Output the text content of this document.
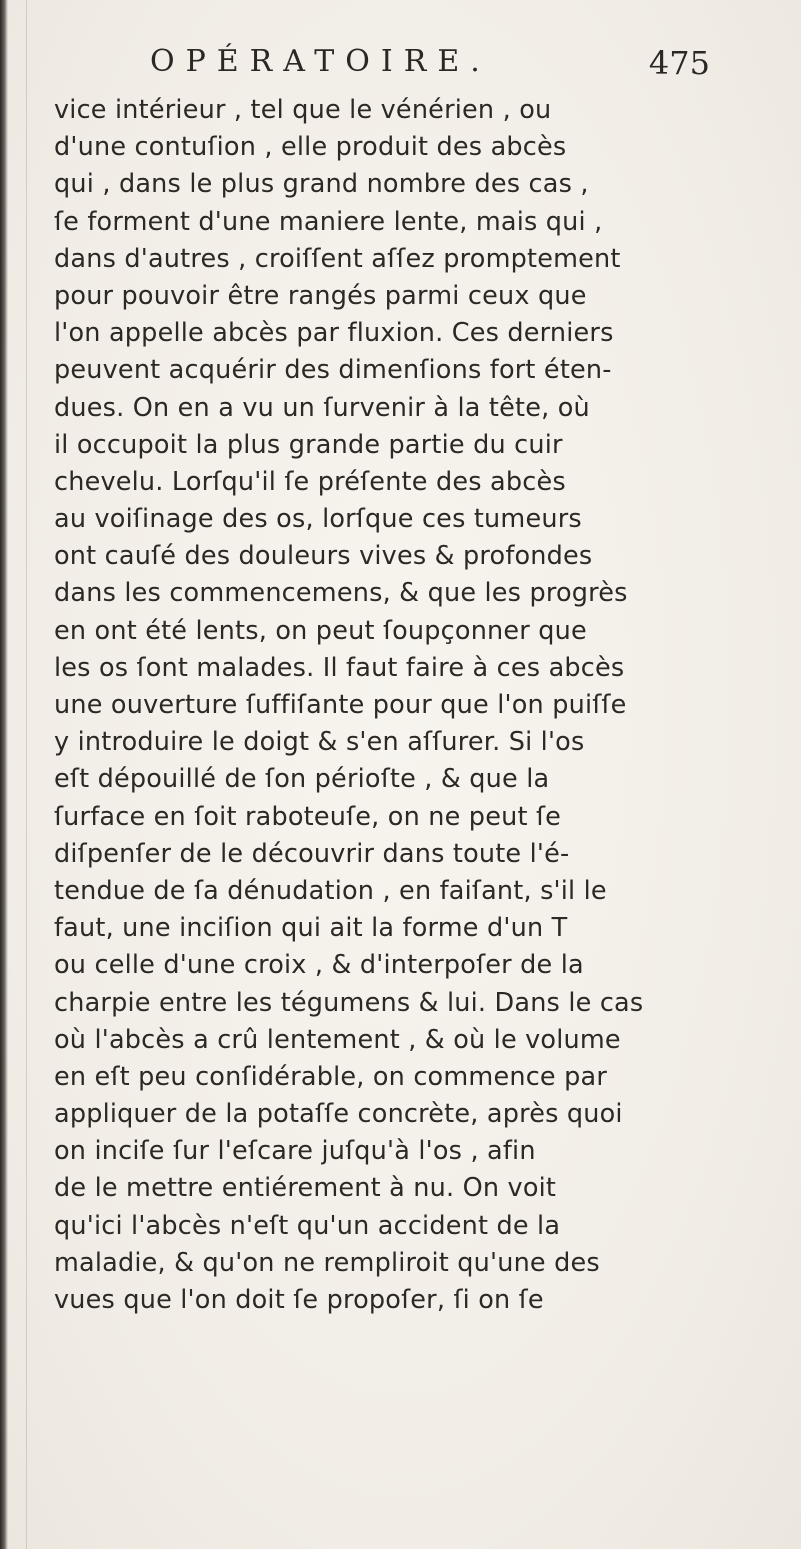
OPÉRATOIRE.	475
vice intérieur , tel que le vénérien , ou
d'une contuſion , elle produit des abcès
qui , dans le plus grand nombre des cas ,
ſe forment d'une maniere lente, mais qui ,
dans d'autres , croiſſent aſſez promptement
pour pouvoir être rangés parmi ceux que
l'on appelle abcès par fluxion. Ces derniers
peuvent acquérir des dimenſions fort éten-
dues. On en a vu un ſurvenir à la tête, où
il occupoit la plus grande partie du cuir
chevelu. Lorſqu'il ſe préſente des abcès
au voiſinage des os, lorſque ces tumeurs
ont cauſé des douleurs vives & profondes
dans les commencemens, & que les progrès
en ont été lents, on peut ſoupçonner que
les os ſont malades. Il faut faire à ces abcès
une ouverture ſuffiſante pour que l'on puiſſe
y introduire le doigt & s'en aſſurer. Si l'os
eſt dépouillé de ſon périoſte , & que la
ſurface en ſoit raboteuſe, on ne peut ſe
diſpenſer de le découvrir dans toute l'é-
tendue de ſa dénudation , en faiſant, s'il le
faut, une inciſion qui ait la forme d'un T
ou celle d'une croix , & d'interpoſer de la
charpie entre les tégumens & lui. Dans le cas
où l'abcès a crû lentement , & où le volume
en eſt peu conſidérable, on commence par
appliquer de la potaſſe concrète, après quoi
on inciſe ſur l'eſcare juſqu'à l'os , afin
de le mettre entiérement à nu. On voit
qu'ici l'abcès n'eſt qu'un accident de la
maladie, & qu'on ne rempliroit qu'une des
vues que l'on doit ſe propoſer, ſi on ſe
